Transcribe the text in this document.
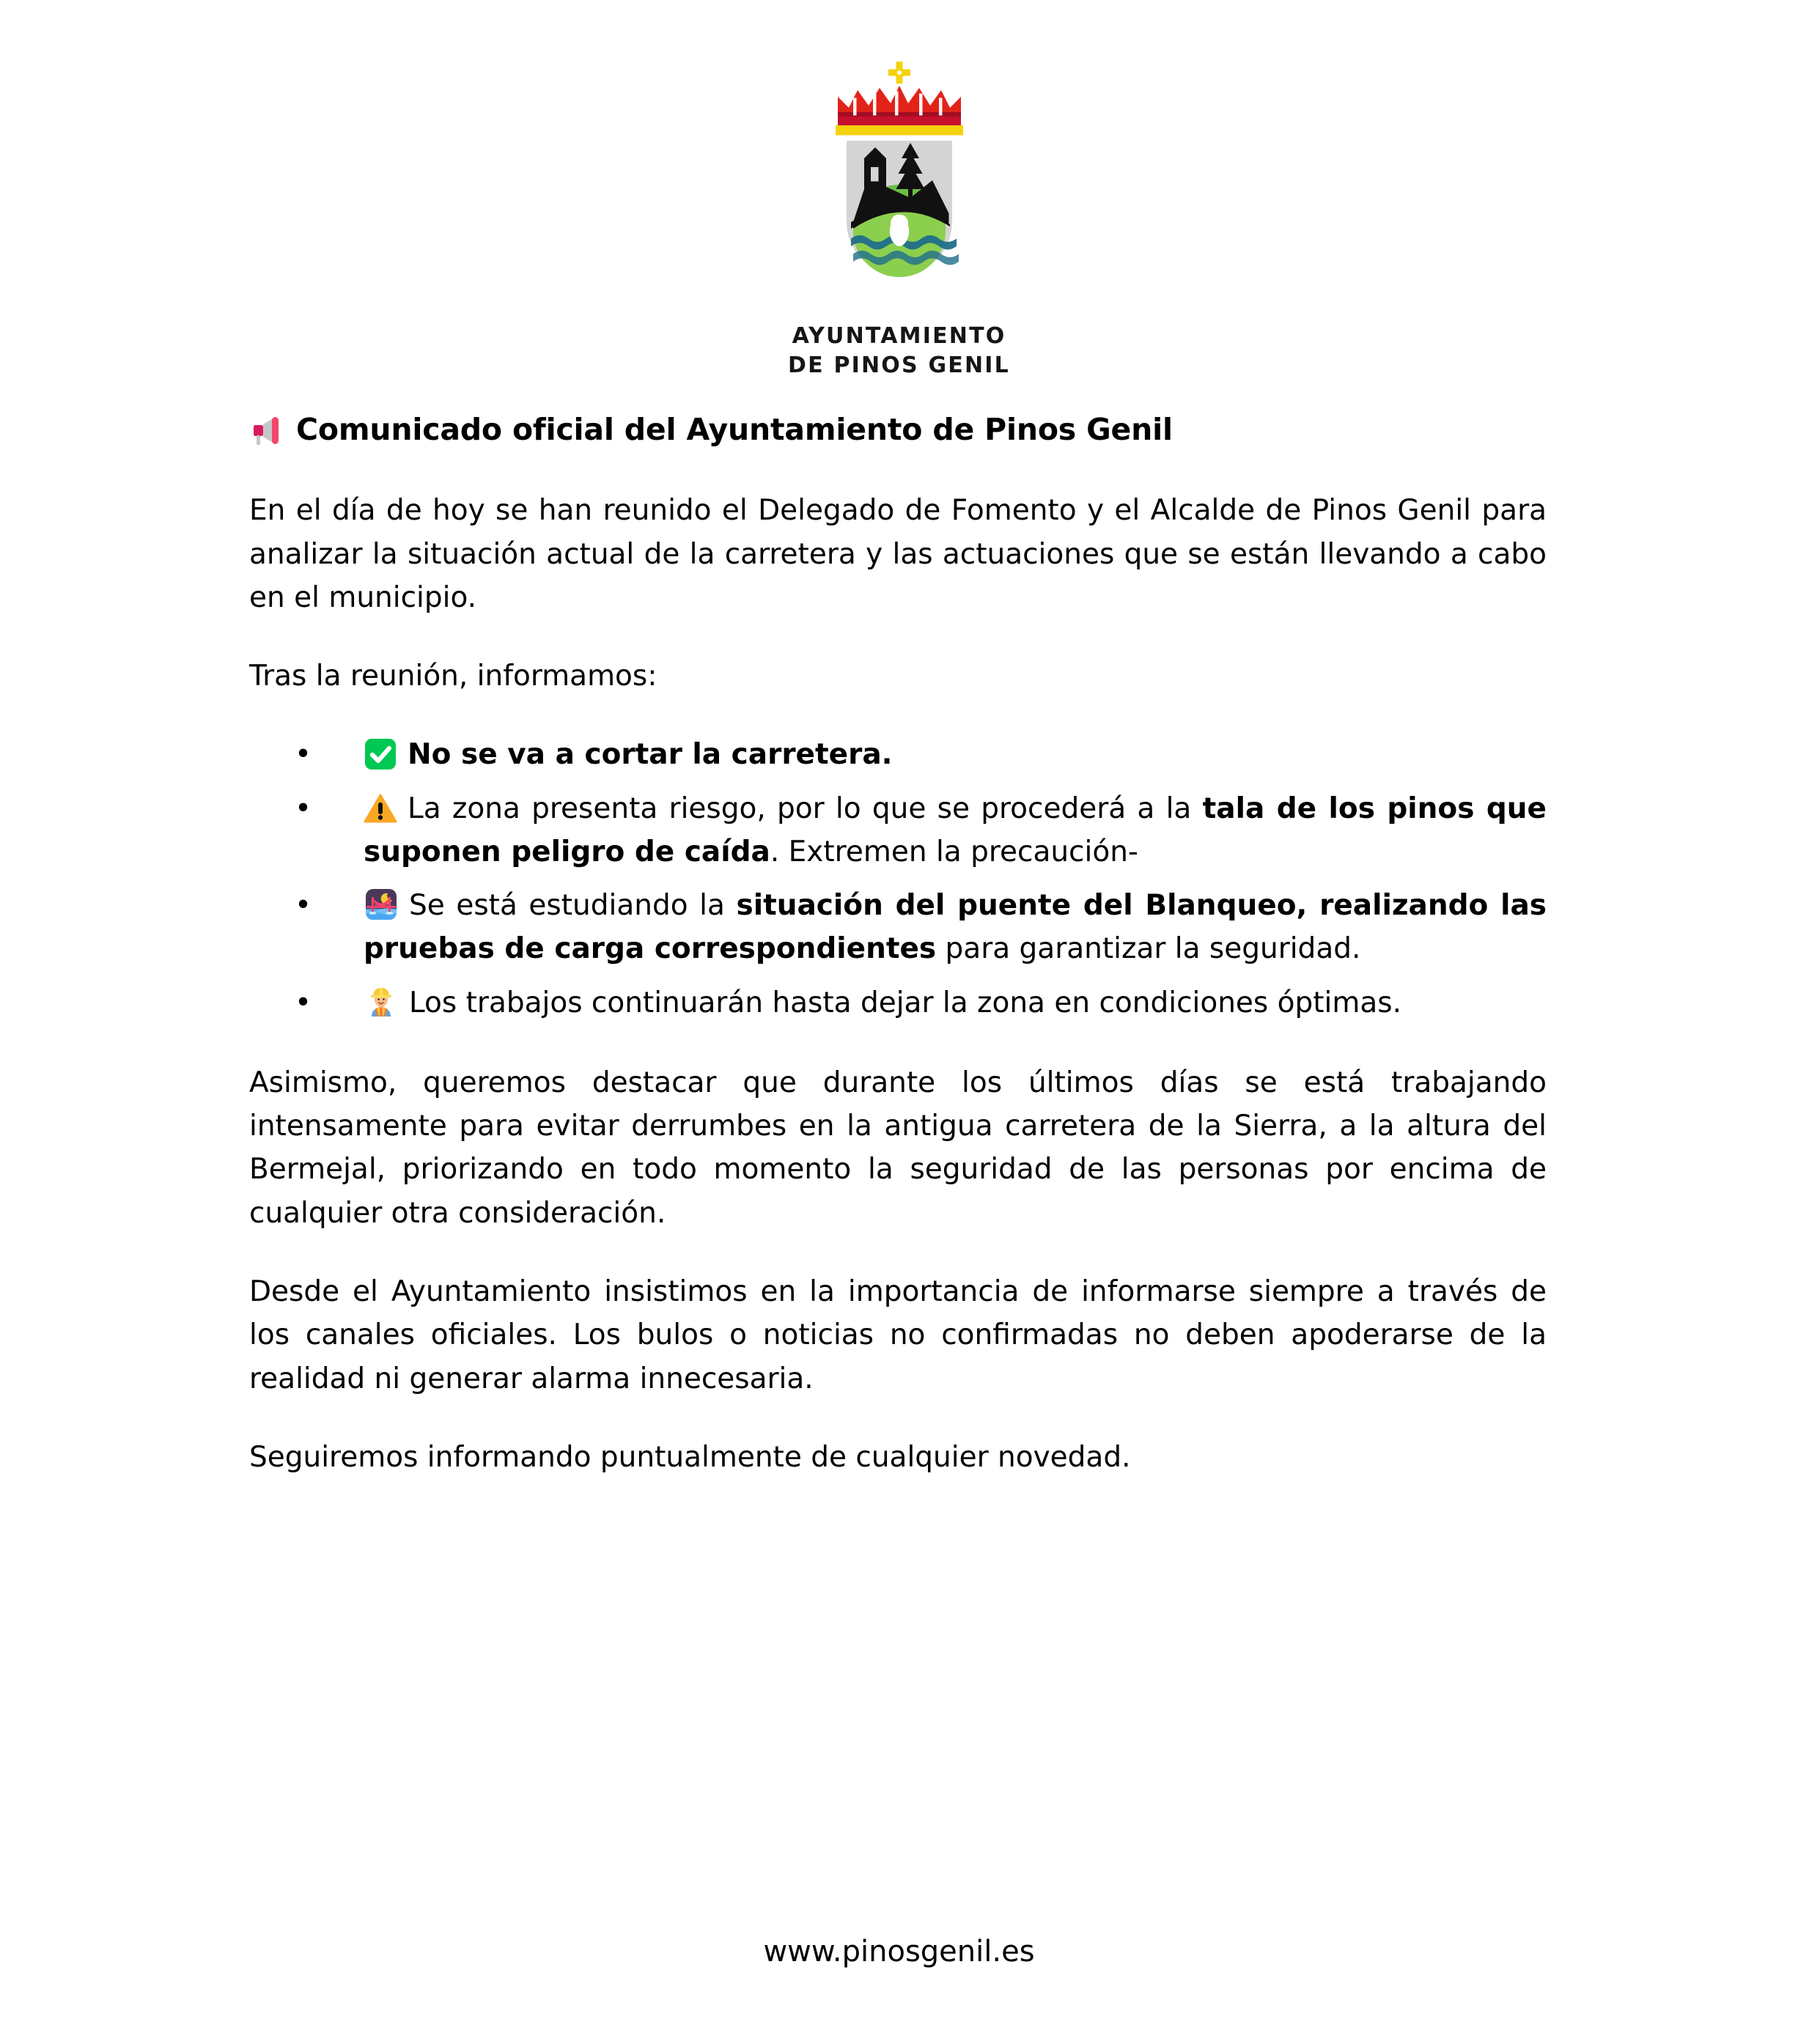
AYUNTAMIENTO
DE PINOS GENIL
Comunicado oficial del Ayuntamiento de Pinos Genil

En el día de hoy se han reunido el Delegado de Fomento y el Alcalde de Pinos Genil para analizar la situación actual de la carretera y las actuaciones que se están llevando a cabo en el municipio.

Tras la reunión, informamos:

• No se va a cortar la carretera.
• La zona presenta riesgo, por lo que se procederá a la tala de los pinos que suponen peligro de caída. Extremen la precaución-
• Se está estudiando la situación del puente del Blanqueo, realizando las pruebas de carga correspondientes para garantizar la seguridad.
• Los trabajos continuarán hasta dejar la zona en condiciones óptimas.

Asimismo, queremos destacar que durante los últimos días se está trabajando intensamente para evitar derrumbes en la antigua carretera de la Sierra, a la altura del Bermejal, priorizando en todo momento la seguridad de las personas por encima de cualquier otra consideración.

Desde el Ayuntamiento insistimos en la importancia de informarse siempre a través de los canales oficiales. Los bulos o noticias no confirmadas no deben apoderarse de la realidad ni generar alarma innecesaria.

Seguiremos informando puntualmente de cualquier novedad.

www.pinosgenil.es
